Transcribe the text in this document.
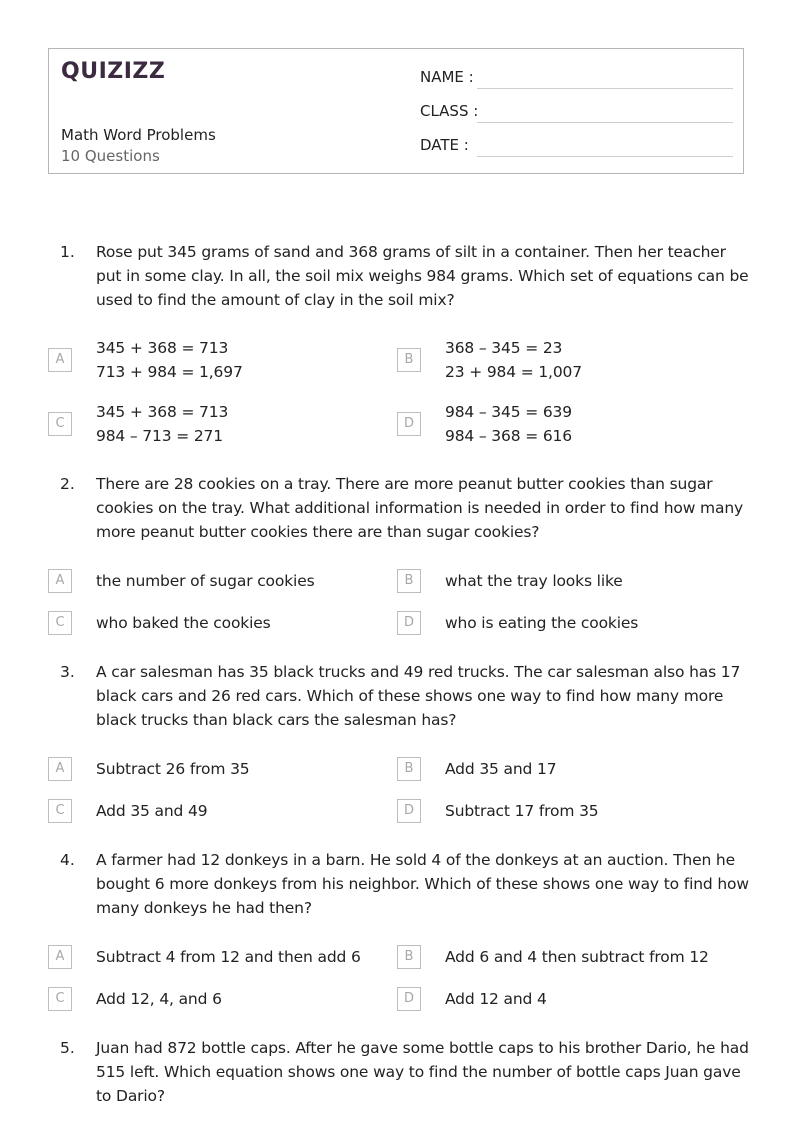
QUIZIZZ
Math Word Problems
10 Questions
NAME :
CLASS :
DATE :
1. Rose put 345 grams of sand and 368 grams of silt in a container. Then her teacher put in some clay. In all, the soil mix weighs 984 grams. Which set of equations can be used to find the amount of clay in the soil mix?
A
345 + 368 = 713
713 + 984 = 1,697
B
368 – 345 = 23
23 + 984 = 1,007
C
345 + 368 = 713
984 – 713 = 271
D
984 – 345 = 639
984 – 368 = 616
2. There are 28 cookies on a tray. There are more peanut butter cookies than sugar cookies on the tray. What additional information is needed in order to find how many more peanut butter cookies there are than sugar cookies?
A	the number of sugar cookies	B	what the tray looks like
C	who baked the cookies	D	who is eating the cookies
3. A car salesman has 35 black trucks and 49 red trucks. The car salesman also has 17 black cars and 26 red cars. Which of these shows one way to find how many more black trucks than black cars the salesman has?
A	Subtract 26 from 35	B	Add 35 and 17
C	Add 35 and 49	D	Subtract 17 from 35
4. A farmer had 12 donkeys in a barn. He sold 4 of the donkeys at an auction. Then he bought 6 more donkeys from his neighbor. Which of these shows one way to find how many donkeys he had then?
A	Subtract 4 from 12 and then add 6	B	Add 6 and 4 then subtract from 12
C	Add 12, 4, and 6	D	Add 12 and 4
5. Juan had 872 bottle caps. After he gave some bottle caps to his brother Dario, he had 515 left. Which equation shows one way to find the number of bottle caps Juan gave to Dario?
